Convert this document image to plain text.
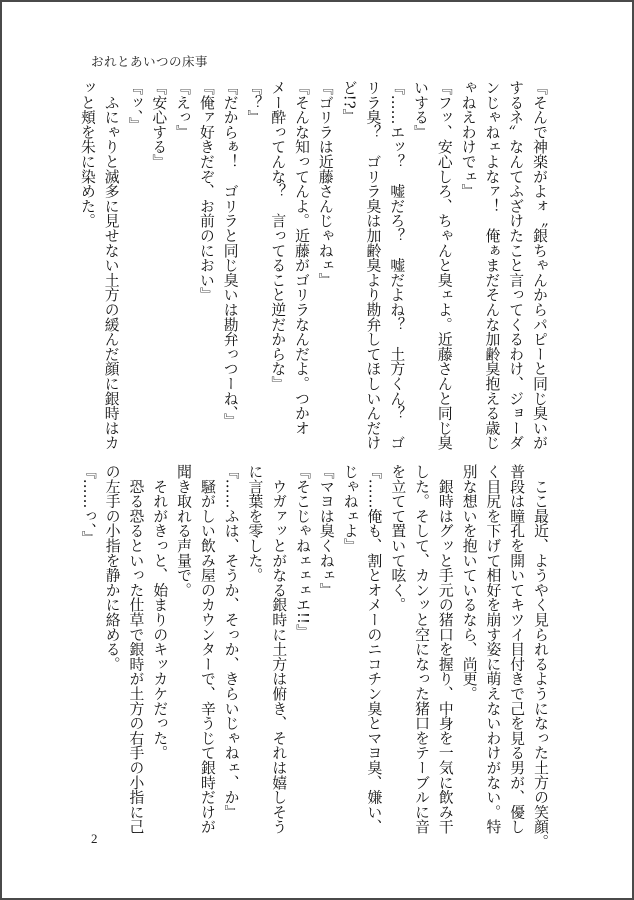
おれとあいつの床事
『そんで神楽がよォ〝銀ちゃんからパピーと同じ臭いが
するネ〟なんてふざけたこと言ってくるわけ、ジョーダ
ンじゃねェよなァ！　俺ぁまだそんな加齢臭抱える歳じ
ゃねえわけでェ』
『フッ、安心しろ、ちゃんと臭ェよ。近藤さんと同じ臭
いする』
『……エッ？　嘘だろ？　嘘だよね？　土方くん？　ゴ
リラ臭？　ゴリラ臭は加齢臭より勘弁してほしいんだけ
ど!?』
『ゴリラは近藤さんじゃねェ』
『そんな知ってんよ。近藤がゴリラなんだよ。つかオ
メー酔ってんな？　言ってること逆だからな』
『？』
『だからぁ！　ゴリラと同じ臭いは勘弁っつーね、』
『俺ァ好きだぞ、お前のにおい』
『えっ』
『安心する』
『ッ、』
　ふにゃりと滅多に見せない土方の緩んだ顔に銀時はカ
ッと頬を朱に染めた。
　ここ最近、ようやく見られるようになった土方の笑顔。
普段は瞳孔を開いてキツイ目付きで己を見る男が、優し
く目尻を下げて相好を崩す姿に萌えないわけがない。特
別な想いを抱いているなら、尚更。
　銀時はグッと手元の猪口を握り、中身を一気に飲み干
した。そして、カンッと空になった猪口をテーブルに音
を立てて置いて呟く。
『……俺も、割とオメーのニコチン臭とマヨ臭、嫌い、
じゃねェよ』
『マヨは臭くねェ』
『そこじゃねェェェエ!!』
　ウガァッとがなる銀時に土方は俯き、それは嬉しそう
に言葉を零した。
『……ふは、そうか、そっか、きらいじゃねェ、か』
　騒がしい飲み屋のカウンターで、辛うじて銀時だけが
聞き取れる声量で。
　それがきっと、始まりのキッカケだった。
　恐る恐るといった仕草で銀時が土方の右手の小指に己
の左手の小指を静かに絡める。
『……っ、』
2
